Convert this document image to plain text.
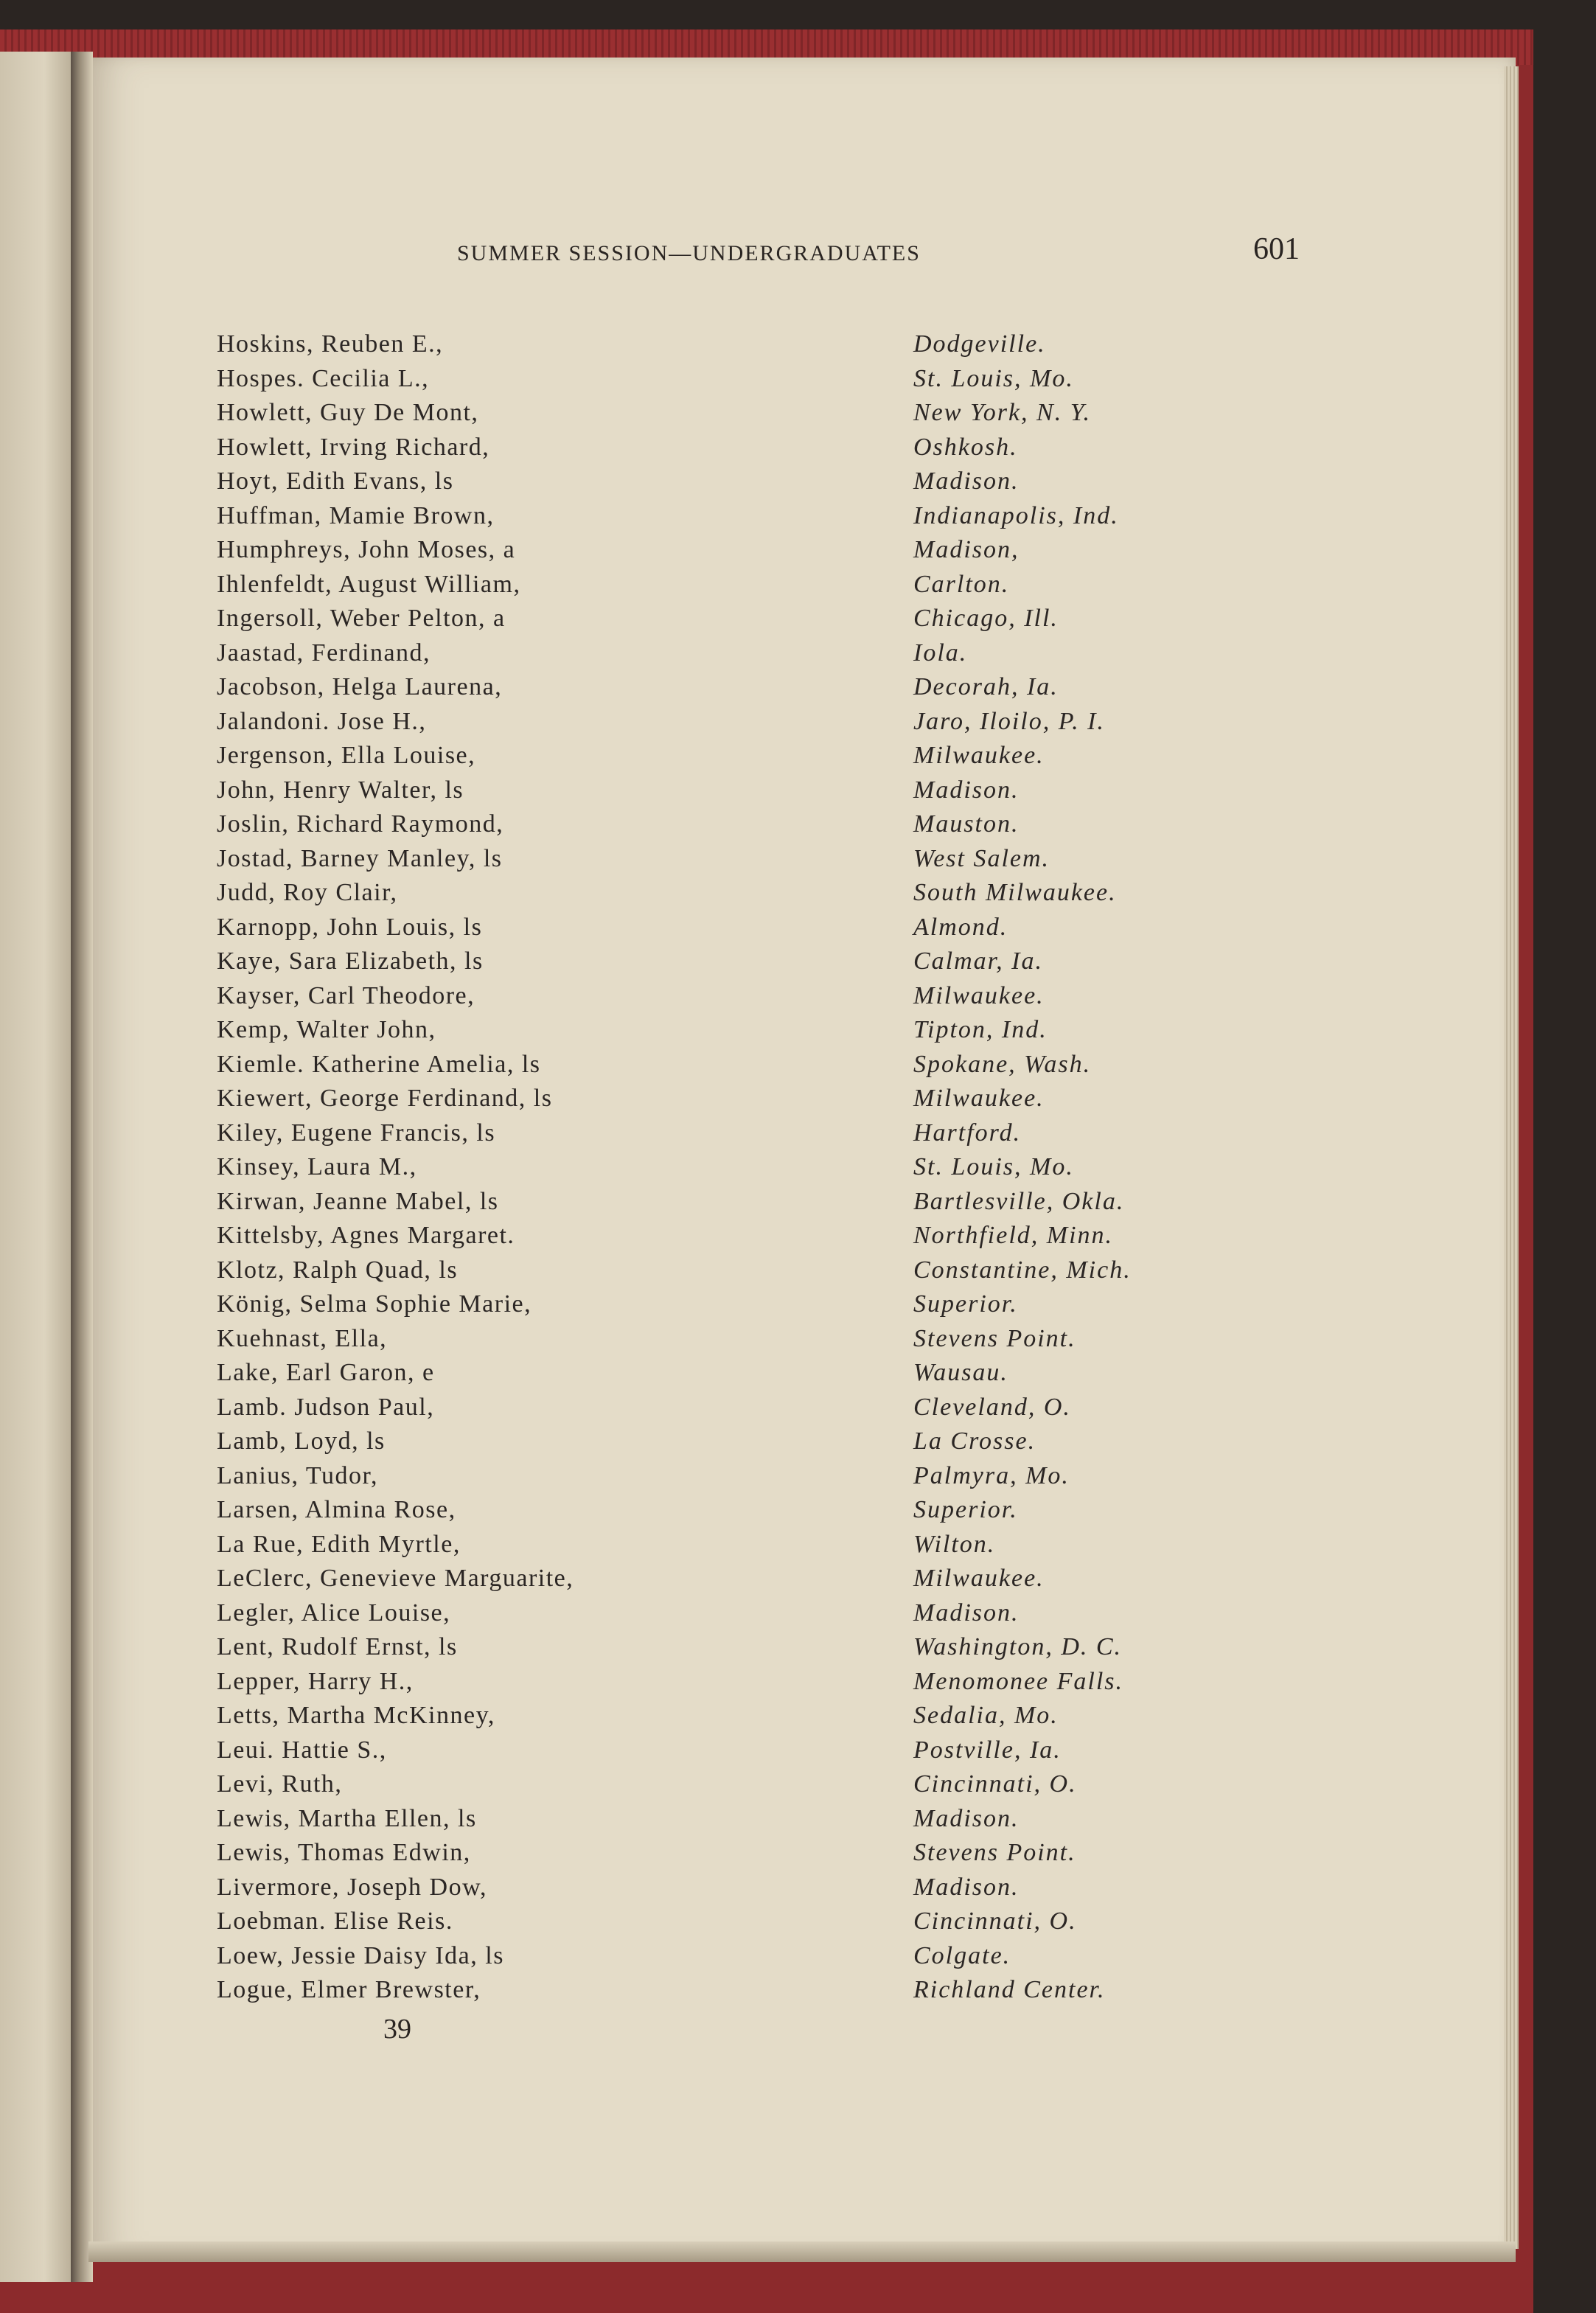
SUMMER SESSION—UNDERGRADUATES	601
Hoskins, Reuben E.,	Dodgeville.
Hospes. Cecilia L.,	St. Louis, Mo.
Howlett, Guy De Mont,	New York, N. Y.
Howlett, Irving Richard,	Oshkosh.
Hoyt, Edith Evans, ls	Madison.
Huffman, Mamie Brown,	Indianapolis, Ind.
Humphreys, John Moses, a	Madison,
Ihlenfeldt, August William,	Carlton.
Ingersoll, Weber Pelton, a	Chicago, Ill.
Jaastad, Ferdinand,	Iola.
Jacobson, Helga Laurena,	Decorah, Ia.
Jalandoni. Jose H.,	Jaro, Iloilo, P. I.
Jergenson, Ella Louise,	Milwaukee.
John, Henry Walter, ls	Madison.
Joslin, Richard Raymond,	Mauston.
Jostad, Barney Manley, ls	West Salem.
Judd, Roy Clair,	South Milwaukee.
Karnopp, John Louis, ls	Almond.
Kaye, Sara Elizabeth, ls	Calmar, Ia.
Kayser, Carl Theodore,	Milwaukee.
Kemp, Walter John,	Tipton, Ind.
Kiemle. Katherine Amelia, ls	Spokane, Wash.
Kiewert, George Ferdinand, ls	Milwaukee.
Kiley, Eugene Francis, ls	Hartford.
Kinsey, Laura M.,	St. Louis, Mo.
Kirwan, Jeanne Mabel, ls	Bartlesville, Okla.
Kittelsby, Agnes Margaret.	Northfield, Minn.
Klotz, Ralph Quad, ls	Constantine, Mich.
König, Selma Sophie Marie,	Superior.
Kuehnast, Ella,	Stevens Point.
Lake, Earl Garon, e	Wausau.
Lamb. Judson Paul,	Cleveland, O.
Lamb, Loyd, ls	La Crosse.
Lanius, Tudor,	Palmyra, Mo.
Larsen, Almina Rose,	Superior.
La Rue, Edith Myrtle,	Wilton.
LeClerc, Genevieve Marguarite,	Milwaukee.
Legler, Alice Louise,	Madison.
Lent, Rudolf Ernst, ls	Washington, D. C.
Lepper, Harry H.,	Menomonee Falls.
Letts, Martha McKinney,	Sedalia, Mo.
Leui. Hattie S.,	Postville, Ia.
Levi, Ruth,	Cincinnati, O.
Lewis, Martha Ellen, ls	Madison.
Lewis, Thomas Edwin,	Stevens Point.
Livermore, Joseph Dow,	Madison.
Loebman. Elise Reis.	Cincinnati, O.
Loew, Jessie Daisy Ida, ls	Colgate.
Logue, Elmer Brewster,	Richland Center.
39
